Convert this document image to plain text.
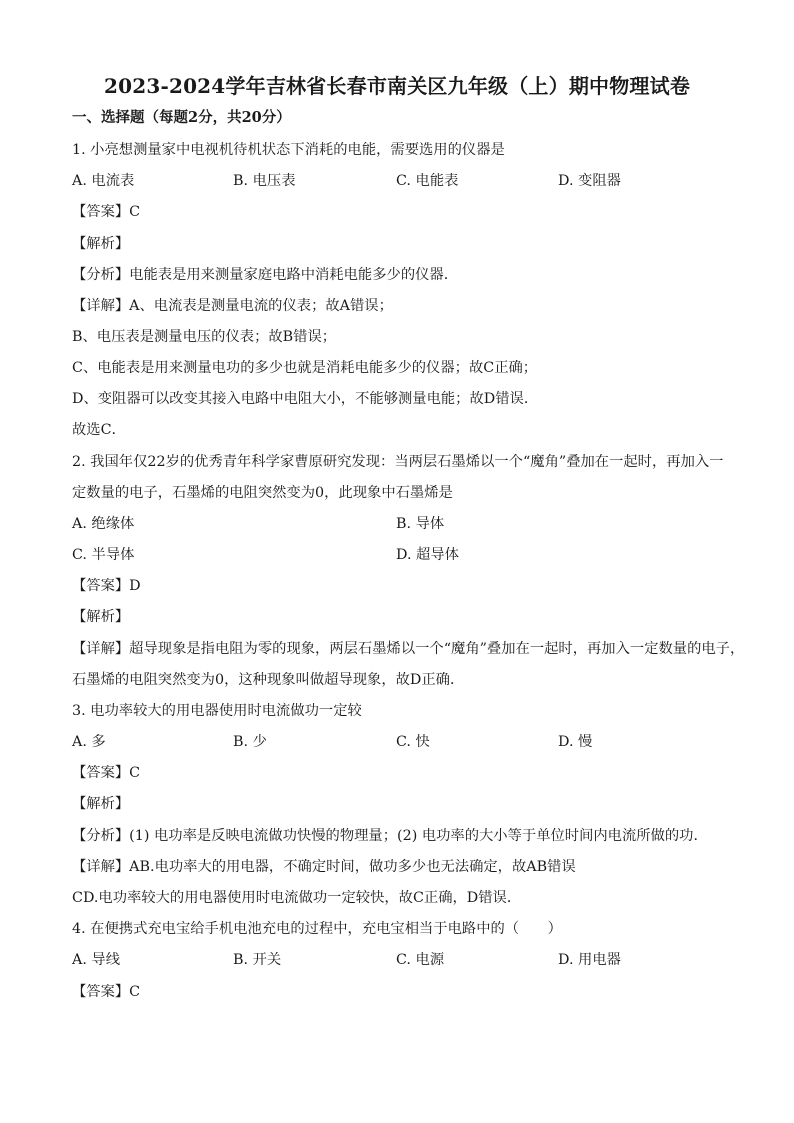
2023-2024学年吉林省长春市南关区九年级（上）期中物理试卷
一、选择题（每题2分，共20分）
1. 小亮想测量家中电视机待机状态下消耗的电能，需要选用的仪器是
A. 电流表	B. 电压表	C. 电能表	D. 变阻器
【答案】C
【解析】
【分析】电能表是用来测量家庭电路中消耗电能多少的仪器．
【详解】A、电流表是测量电流的仪表；故A错误；
B、电压表是测量电压的仪表；故B错误；
C、电能表是用来测量电功的多少也就是消耗电能多少的仪器；故C正确；
D、变阻器可以改变其接入电路中电阻大小，不能够测量电能；故D错误．
故选C．
2. 我国年仅22岁的优秀青年科学家曹原研究发现：当两层石墨烯以一个“魔角”叠加在一起时，再加入一
定数量的电子，石墨烯的电阻突然变为0，此现象中石墨烯是
A. 绝缘体	B. 导体
C. 半导体	D. 超导体
【答案】D
【解析】
【详解】超导现象是指电阻为零的现象，两层石墨烯以一个“魔角”叠加在一起时，再加入一定数量的电子，
石墨烯的电阻突然变为0，这种现象叫做超导现象，故D正确．
3. 电功率较大的用电器使用时电流做功一定较
A. 多	B. 少	C. 快	D. 慢
【答案】C
【解析】
【分析】(1) 电功率是反映电流做功快慢的物理量；(2) 电功率的大小等于单位时间内电流所做的功．
【详解】AB.电功率大的用电器，不确定时间，做功多少也无法确定，故AB错误
CD.电功率较大的用电器使用时电流做功一定较快，故C正确，D错误．
4. 在便携式充电宝给手机电池充电的过程中，充电宝相当于电路中的（　　）
A. 导线	B. 开关	C. 电源	D. 用电器
【答案】C
